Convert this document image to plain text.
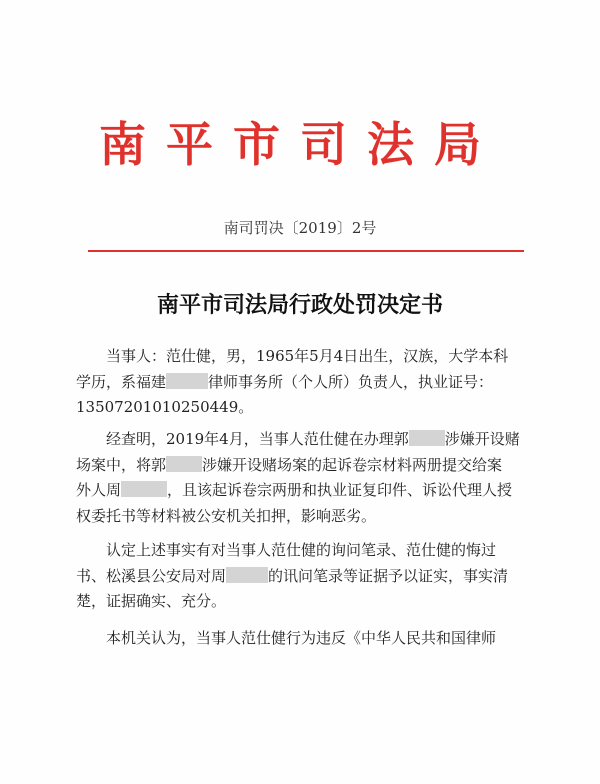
南平市司法局
南司罚决〔2019〕2号
南平市司法局行政处罚决定书
当事人：范仕健，男，1965年5月4日出生，汉族，大学本科
学历，系福建	律师事务所（个人所）负责人，执业证号：
13507201010250449。
经查明，2019年4月，当事人范仕健在办理郭 涉嫌开设赌
场案中，将郭 涉嫌开设赌场案的起诉卷宗材料两册提交给案
外人周	，且该起诉卷宗两册和执业证复印件、诉讼代理人授
权委托书等材料被公安机关扣押，影响恶劣。
认定上述事实有对当事人范仕健的询问笔录、范仕健的悔过
书、松溪县公安局对周	的讯问笔录等证据予以证实，事实清
楚，证据确实、充分。
本机关认为，当事人范仕健行为违反《中华人民共和国律师
